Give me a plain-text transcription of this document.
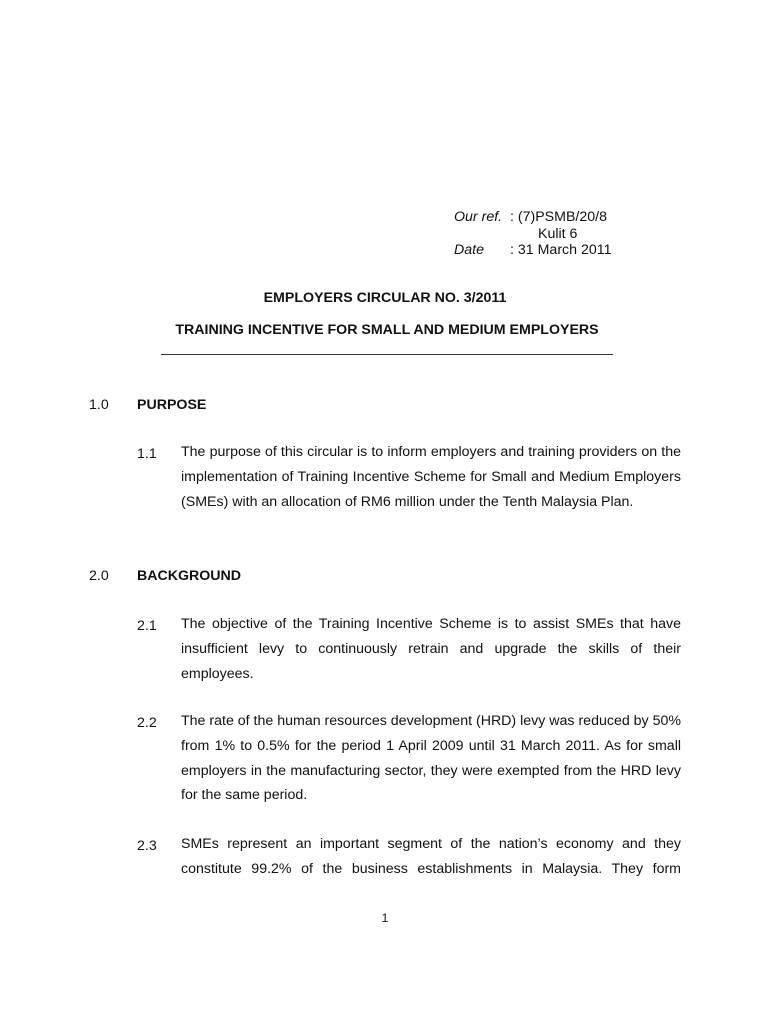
Our ref. : (7)PSMB/20/8
Kulit 6
Date : 31 March 2011
EMPLOYERS CIRCULAR NO. 3/2011
TRAINING INCENTIVE FOR SMALL AND MEDIUM EMPLOYERS
1.0 PURPOSE
1.1 The purpose of this circular is to inform employers and training providers on the implementation of Training Incentive Scheme for Small and Medium Employers (SMEs) with an allocation of RM6 million under the Tenth Malaysia Plan.

2.0 BACKGROUND
2.1 The objective of the Training Incentive Scheme is to assist SMEs that have insufficient levy to continuously retrain and upgrade the skills of their employees.

2.2 The rate of the human resources development (HRD) levy was reduced by 50% from 1% to 0.5% for the period 1 April 2009 until 31 March 2011. As for small employers in the manufacturing sector, they were exempted from the HRD levy for the same period.

2.3 SMEs represent an important segment of the nation’s economy and they constitute 99.2% of the business establishments in Malaysia. They form

1
